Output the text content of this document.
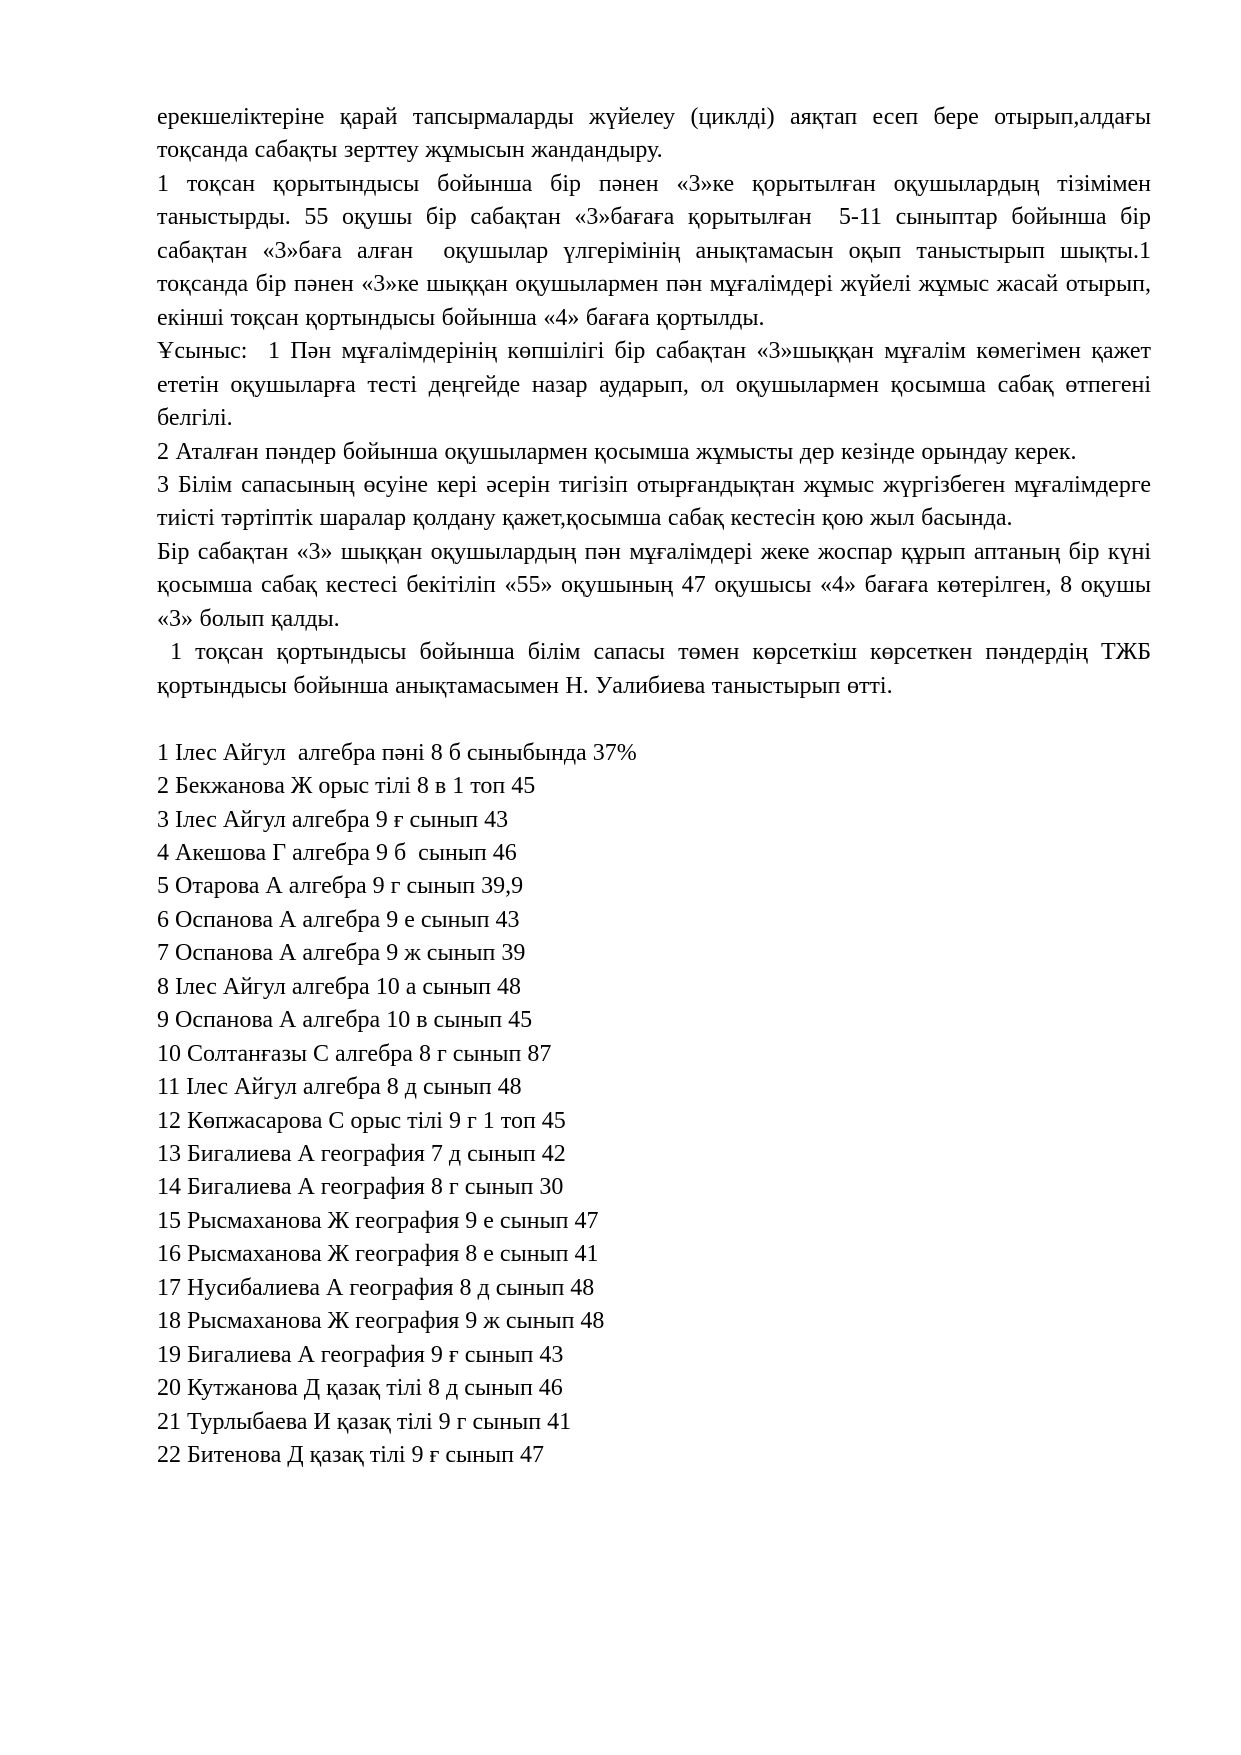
ерекшеліктеріне қарай тапсырмаларды жүйелеу (циклді) аяқтап есеп бере отырып,алдағы тоқсанда сабақты зерттеу жұмысын жандандыру.

1 тоқсан қорытындысы бойынша бір пәнен «3»ке қорытылған оқушылардың тізімімен таныстырды. 55 оқушы бір сабақтан «3»бағаға қорытылған  5-11 сыныптар бойынша бір сабақтан «3»баға алған  оқушылар үлгерімінің анықтамасын оқып таныстырып шықты.1 тоқсанда бір пәнен «3»ке шыққан оқушылармен пән мұғалімдері жүйелі жұмыс жасай отырып, екінші тоқсан қортындысы бойынша «4» бағаға қортылды.

Ұсыныс:  1 Пән мұғалімдерінің көпшілігі бір сабақтан «3»шыққан мұғалім көмегімен қажет ететін оқушыларға тесті деңгейде назар аударып, ол оқушылармен қосымша сабақ өтпегені белгілі.

2 Аталған пәндер бойынша оқушылармен қосымша жұмысты дер кезінде орындау керек.

3 Білім сапасының өсуіне кері әсерін тигізіп отырғандықтан жұмыс жүргізбеген мұғалімдерге тиісті тәртіптік шаралар қолдану қажет,қосымша сабақ кестесін қою жыл басында.

Бір сабақтан «3» шыққан оқушылардың пән мұғалімдері жеке жоспар құрып аптаның бір күні қосымша сабақ кестесі бекітіліп «55» оқушының 47 оқушысы «4» бағаға көтерілген, 8 оқушы «3» болып қалды.

1 тоқсан қортындысы бойынша білім сапасы төмен көрсеткіш көрсеткен пәндердің ТЖБ қортындысы бойынша анықтамасымен Н. Уалибиева таныстырып өтті.

1 Ілес Айгул  алгебра пәні 8 б сыныбында 37%
2 Бекжанова Ж орыс тілі 8 в 1 топ 45
3 Ілес Айгул алгебра 9 ғ сынып 43
4 Акешова Г алгебра 9 б  сынып 46
5 Отарова А алгебра 9 г сынып 39,9
6 Оспанова А алгебра 9 е сынып 43
7 Оспанова А алгебра 9 ж сынып 39
8 Ілес Айгул алгебра 10 а сынып 48
9 Оспанова А алгебра 10 в сынып 45
10 Солтанғазы С алгебра 8 г сынып 87
11 Ілес Айгул алгебра 8 д сынып 48
12 Көпжасарова С орыс тілі 9 г 1 топ 45
13 Бигалиева А география 7 д сынып 42
14 Бигалиева А география 8 г сынып 30
15 Рысмаханова Ж география 9 е сынып 47
16 Рысмаханова Ж география 8 е сынып 41
17 Нусибалиева А география 8 д сынып 48
18 Рысмаханова Ж география 9 ж сынып 48
19 Бигалиева А география 9 ғ сынып 43
20 Кутжанова Д қазақ тілі 8 д сынып 46
21 Турлыбаева И қазақ тілі 9 г сынып 41
22 Битенова Д қазақ тілі 9 ғ сынып 47
